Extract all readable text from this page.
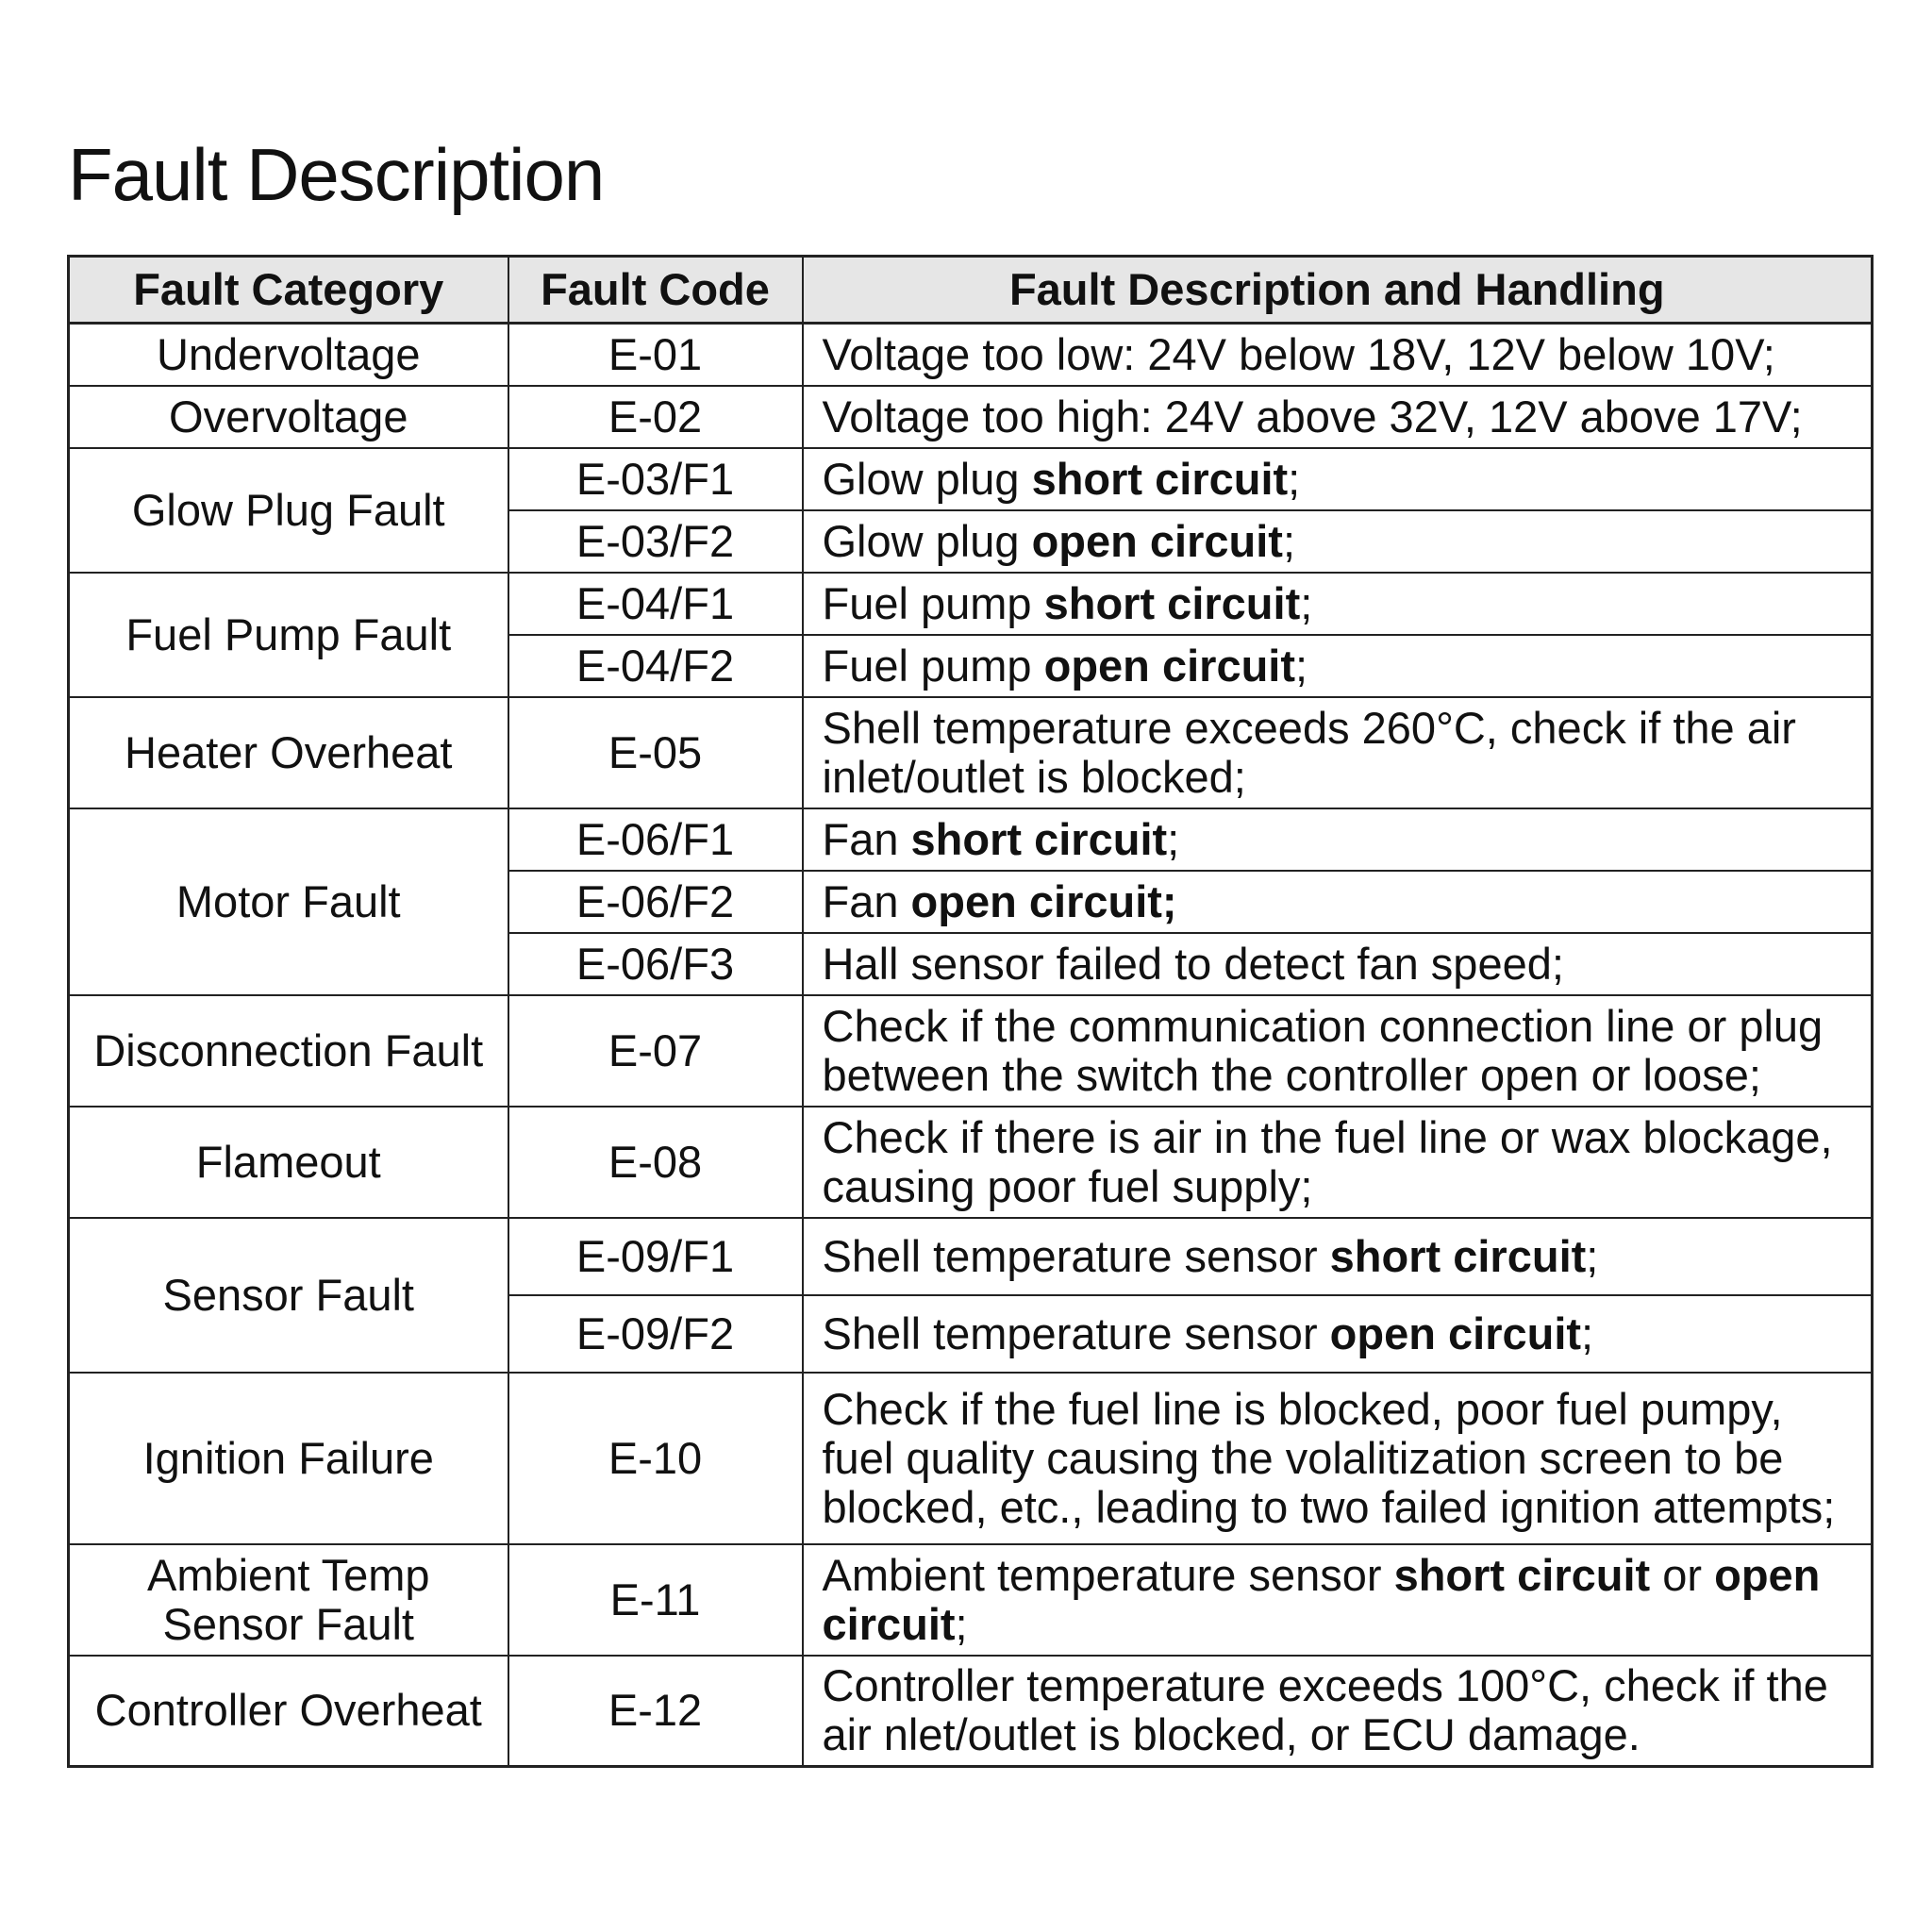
Fault Description
Fault Category	Fault Code	Fault Description and Handling
Undervoltage	E-01	Voltage too low: 24V below 18V, 12V below 10V;
Overvoltage	E-02	Voltage too high: 24V above 32V, 12V above 17V;
Glow Plug Fault	E-03/F1	Glow plug short circuit;
	E-03/F2	Glow plug open circuit;
Fuel Pump Fault	E-04/F1	Fuel pump short circuit;
	E-04/F2	Fuel pump open circuit;
Heater Overheat	E-05	Shell temperature exceeds 260°C, check if the air inlet/outlet is blocked;
Motor Fault	E-06/F1	Fan short circuit;
	E-06/F2	Fan open circuit;
	E-06/F3	Hall sensor failed to detect fan speed;
Disconnection Fault	E-07	Check if the communication connection line or plug between the switch the controller open or loose;
Flameout	E-08	Check if there is air in the fuel line or wax blockage, causing poor fuel supply;
Sensor Fault	E-09/F1	Shell temperature sensor short circuit;
	E-09/F2	Shell temperature sensor open circuit;
Ignition Failure	E-10	Check if the fuel line is blocked, poor fuel pumpy, fuel quality causing the volalitization screen to be blocked, etc., leading to two failed ignition attempts;
Ambient Temp Sensor Fault	E-11	Ambient temperature sensor short circuit or open circuit;
Controller Overheat	E-12	Controller temperature exceeds 100°C, check if the air nlet/outlet is blocked, or ECU damage.
